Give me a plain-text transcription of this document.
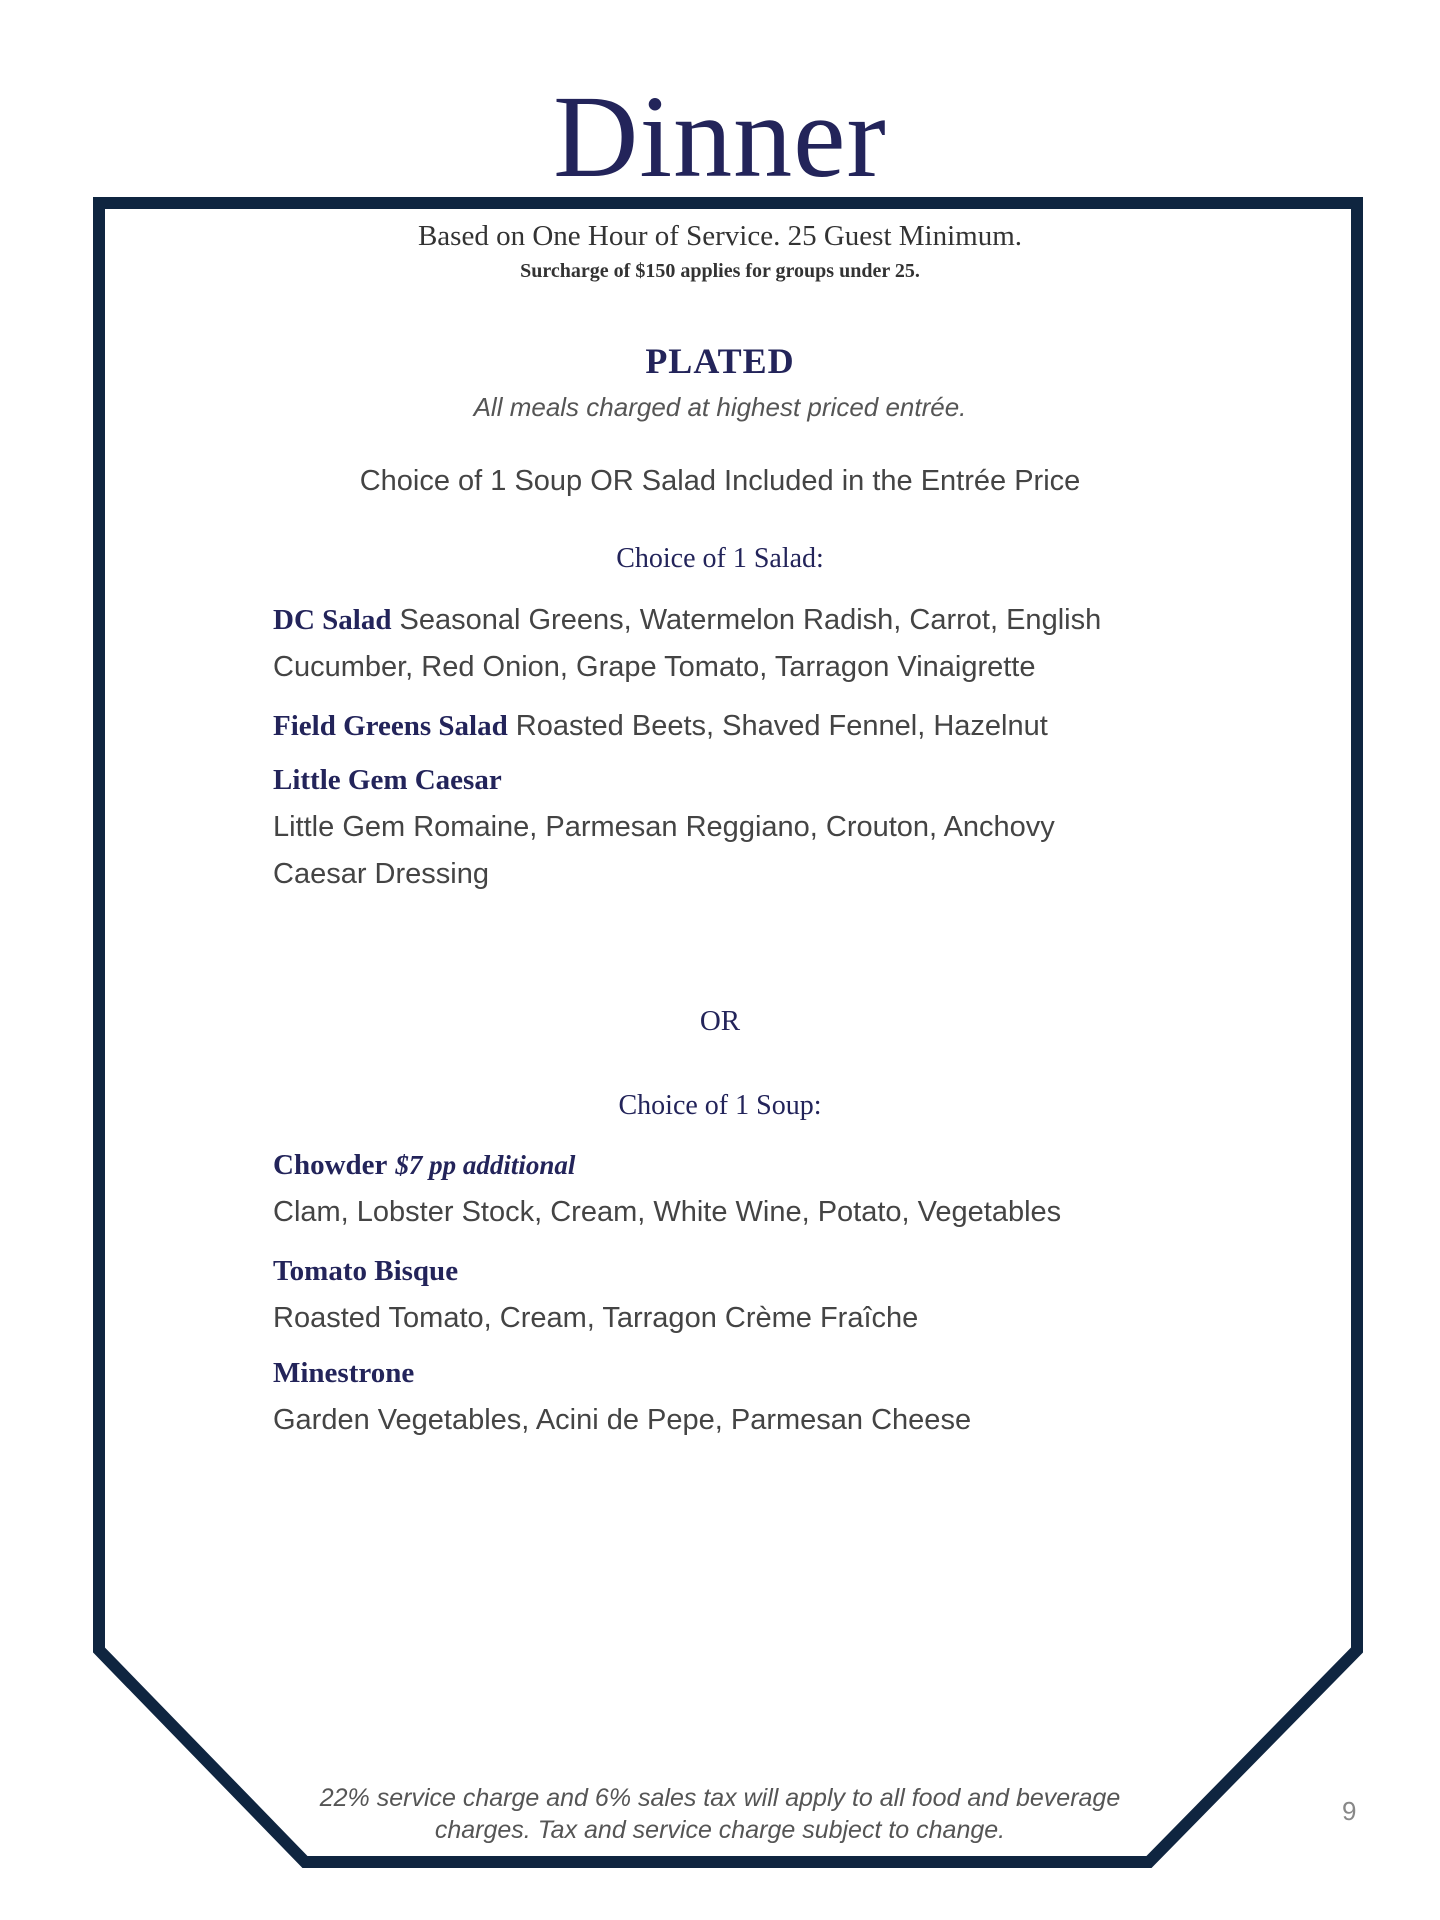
Dinner
Based on One Hour of Service. 25 Guest Minimum.
Surcharge of $150 applies for groups under 25.
PLATED
All meals charged at highest priced entrée.
Choice of 1 Soup OR Salad Included in the Entrée Price
Choice of 1 Salad:
DC Salad Seasonal Greens, Watermelon Radish, Carrot, English Cucumber, Red Onion, Grape Tomato, Tarragon Vinaigrette
Field Greens Salad Roasted Beets, Shaved Fennel, Hazelnut
Little Gem Caesar
Little Gem Romaine, Parmesan Reggiano, Crouton, Anchovy Caesar Dressing
OR
Choice of 1 Soup:
Chowder $7 pp additional
Clam, Lobster Stock, Cream, White Wine, Potato, Vegetables
Tomato Bisque
Roasted Tomato, Cream, Tarragon Crème Fraîche
Minestrone
Garden Vegetables, Acini de Pepe, Parmesan Cheese
22% service charge and 6% sales tax will apply to all food and beverage
charges. Tax and service charge subject to change.
9
